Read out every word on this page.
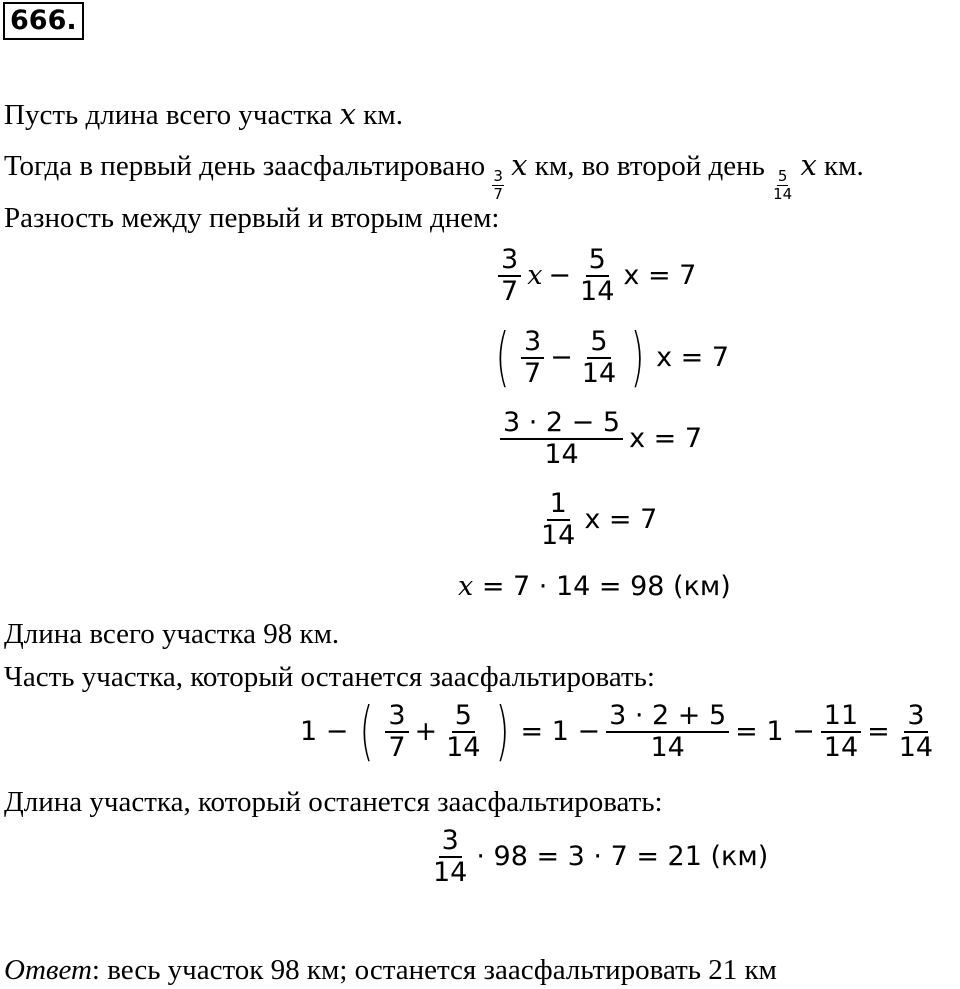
666.
Пусть длина всего участка x км.
Тогда в первый день заасфальтировано
$\frac{3}{7}$
x км, во второй день
$\frac{5}{14}$
x км.
Разность между первый и вторым днем:
$\frac{3}{7}$ $x - \frac{5}{14}$ x = 7
( $\frac{3}{7} - \frac{5}{14}$ ) x = 7
$\frac{3 \cdot 2 - 5}{14}$ x = 7
$\frac{1}{14}$ x = 7
x = 7 · 14 = 98 (км)
Длина всего участка 98 км.
Часть участка, который останется заасфальтировать:
1 − ( $\frac{3}{7} + \frac{5}{14}$ ) = $1 - \frac{3 \cdot 2 + 5}{14} = 1 - \frac{11}{14} = \frac{3}{14}$
Длина участка, который останется заасфальтировать:
$\frac{3}{14} \cdot 98 = 3 \cdot 7 = 21$ (км)
Ответ: весь участок 98 км; останется заасфальтировать 21 км
